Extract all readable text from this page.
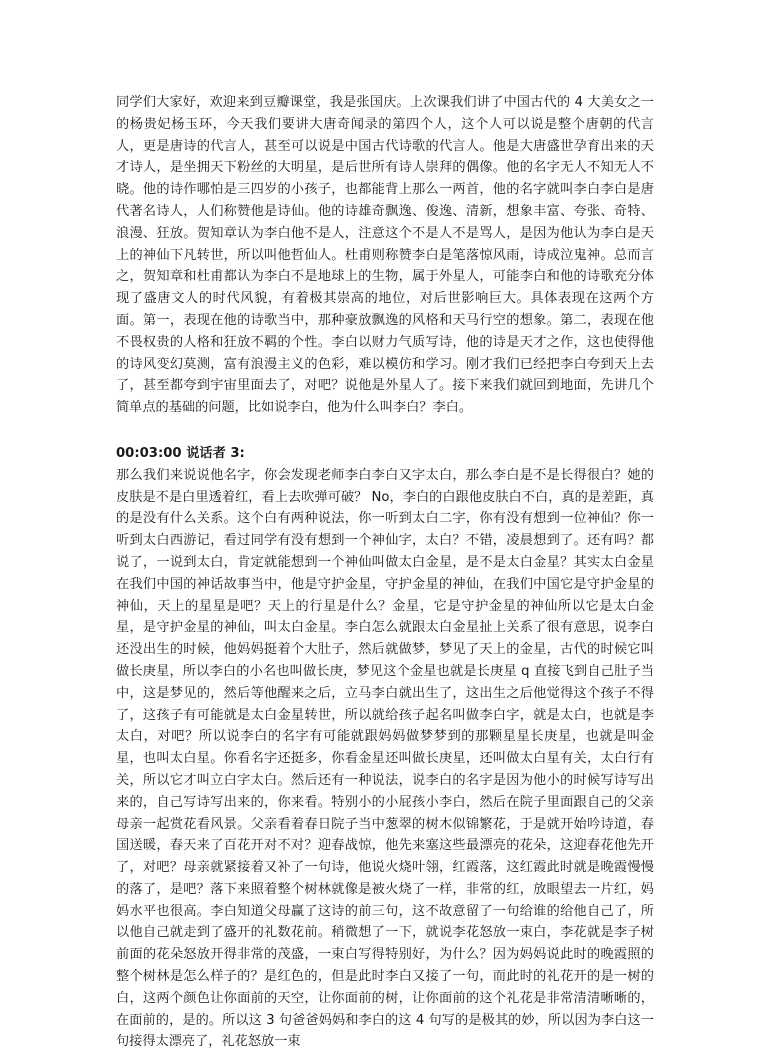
同学们大家好，欢迎来到豆瓣课堂，我是张国庆。上次课我们讲了中国古代的 4 大美女之一的杨贵妃杨玉环，今天我们要讲大唐奇闻录的第四个人，这个人可以说是整个唐朝的代言人，更是唐诗的代言人，甚至可以说是中国古代诗歌的代言人。他是大唐盛世孕育出来的天才诗人，是坐拥天下粉丝的大明星，是后世所有诗人崇拜的偶像。他的名字无人不知无人不晓。他的诗作哪怕是三四岁的小孩子，也都能背上那么一两首，他的名字就叫李白李白是唐代著名诗人，人们称赞他是诗仙。他的诗雄奇飘逸、俊逸、清新，想象丰富、夸张、奇特、浪漫、狂放。贺知章认为李白他不是人，注意这个不是人不是骂人，是因为他认为李白是天上的神仙下凡转世，所以叫他哲仙人。杜甫则称赞李白是笔落惊风雨，诗成泣鬼神。总而言之，贺知章和杜甫都认为李白不是地球上的生物，属于外星人，可能李白和他的诗歌充分体现了盛唐文人的时代风貌，有着极其崇高的地位，对后世影响巨大。具体表现在这两个方面。第一，表现在他的诗歌当中，那种豪放飘逸的风格和天马行空的想象。第二，表现在他不畏权贵的人格和狂放不羁的个性。李白以财力气质写诗，他的诗是天才之作，这也使得他的诗风变幻莫测，富有浪漫主义的色彩，难以模仿和学习。刚才我们已经把李白夸到天上去了，甚至都夸到宇宙里面去了，对吧？说他是外星人了。接下来我们就回到地面，先讲几个简单点的基础的问题，比如说李白，他为什么叫李白？李白。

00:03:00 说话者 3:

那么我们来说说他名字，你会发现老师李白李白又字太白，那么李白是不是长得很白？她的皮肤是不是白里透着红，看上去吹弹可破？ No，李白的白跟他皮肤白不白，真的是差距，真的是没有什么关系。这个白有两种说法，你一听到太白二字，你有没有想到一位神仙？你一听到太白西游记，看过同学有没有想到一个神仙字，太白？不错，凌晨想到了。还有吗？都说了，一说到太白，肯定就能想到一个神仙叫做太白金星，是不是太白金星？其实太白金星在我们中国的神话故事当中，他是守护金星，守护金星的神仙，在我们中国它是守护金星的神仙，天上的星星是吧？天上的行星是什么？金星，它是守护金星的神仙所以它是太白金星，是守护金星的神仙，叫太白金星。李白怎么就跟太白金星扯上关系了很有意思，说李白还没出生的时候，他妈妈挺着个大肚子，然后就做梦，梦见了天上的金星，古代的时候它叫做长庚星，所以李白的小名也叫做长庚，梦见这个金星也就是长庚星 q 直接飞到自己肚子当中，这是梦见的，然后等他醒来之后，立马李白就出生了，这出生之后他觉得这个孩子不得了，这孩子有可能就是太白金星转世，所以就给孩子起名叫做李白字，就是太白，也就是李太白，对吧？所以说李白的名字有可能就跟妈妈做梦梦到的那颗星星长庚星，也就是叫金星，也叫太白星。你看名字还挺多，你看金星还叫做长庚星，还叫做太白星有关，太白行有关，所以它才叫立白字太白。然后还有一种说法，说李白的名字是因为他小的时候写诗写出来的，自己写诗写出来的，你来看。特别小的小屁孩小李白，然后在院子里面跟自己的父亲母亲一起赏花看风景。父亲看着春日院子当中葱翠的树木似锦繁花，于是就开始吟诗道，春国送暖，春天来了百花开对不对？迎春战惊，他先来塞这些最漂亮的花朵，这迎春花他先开了，对吧？母亲就紧接着又补了一句诗，他说火烧叶翎，红霞落，这红霞此时就是晚霞慢慢的落了，是吧？落下来照着整个树林就像是被火烧了一样，非常的红，放眼望去一片红，妈妈水平也很高。李白知道父母赢了这诗的前三句，这不故意留了一句给谁的给他自己了，所以他自己就走到了盛开的礼数花前。稍微想了一下，就说李花怒放一束白，李花就是李子树前面的花朵怒放开得非常的茂盛，一束白写得特别好，为什么？因为妈妈说此时的晚霞照的整个树林是怎么样子的？是红色的，但是此时李白又接了一句，而此时的礼花开的是一树的白，这两个颜色让你面前的天空，让你面前的树，让你面前的这个礼花是非常清清晰晰的，在面前的，是的。所以这 3 句爸爸妈妈和李白的这 4 句写的是极其的妙，所以因为李白这一句接得太漂亮了，礼花怒放一束
